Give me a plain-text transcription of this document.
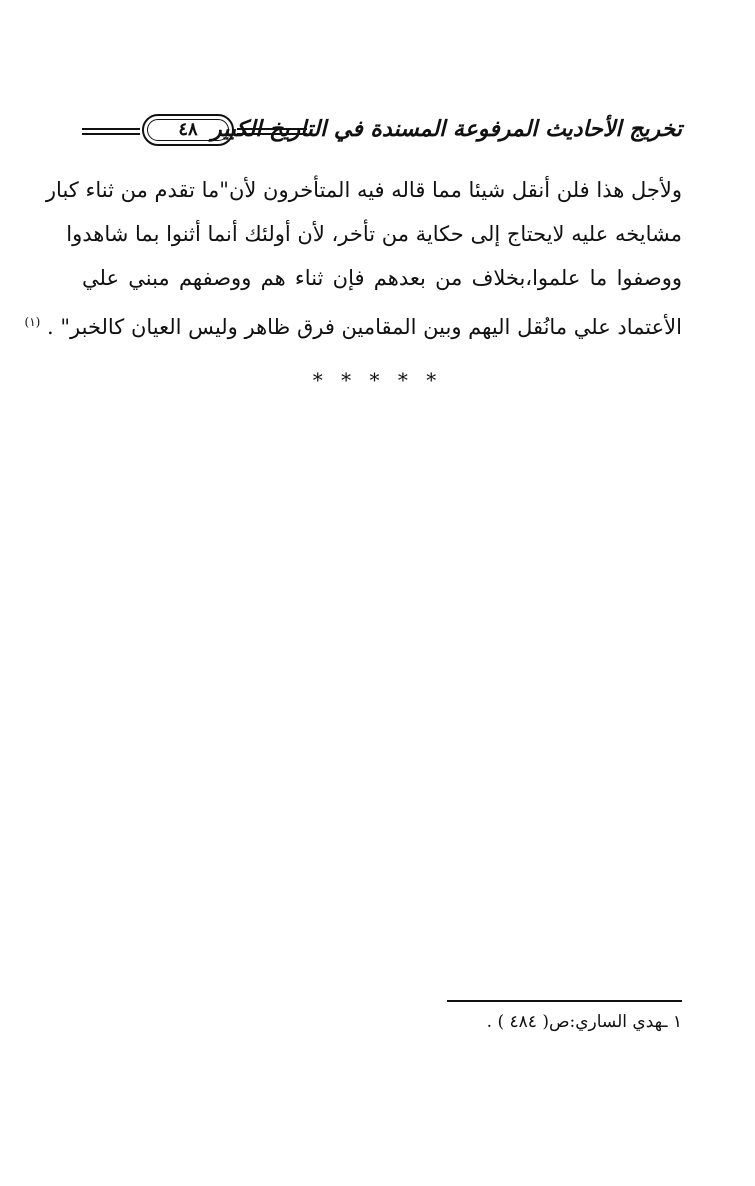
٤٨ تخريج الأحاديث المرفوعة المسندة في التاريخ الكبير
ولأجل هذا فلن أنقل شيئا مما قاله فيه المتأخرون لأن"ما تقدم من ثناء كبار
مشايخه عليه لايحتاج إلى حكاية من تأخر، لأن أولئك أنما أثنوا بما شاهدوا
ووصفوا ما علموا،بخلاف من بعدهم فإن ثناء هم ووصفهم مبني علي
الأعتماد علي مانُقل اليهم وبين المقامين فرق ظاهر وليس العيان كالخبر" . $^{(١)}$
* * * * *
١ ـهدي الساري:ص( ٤٨٤ ) .
